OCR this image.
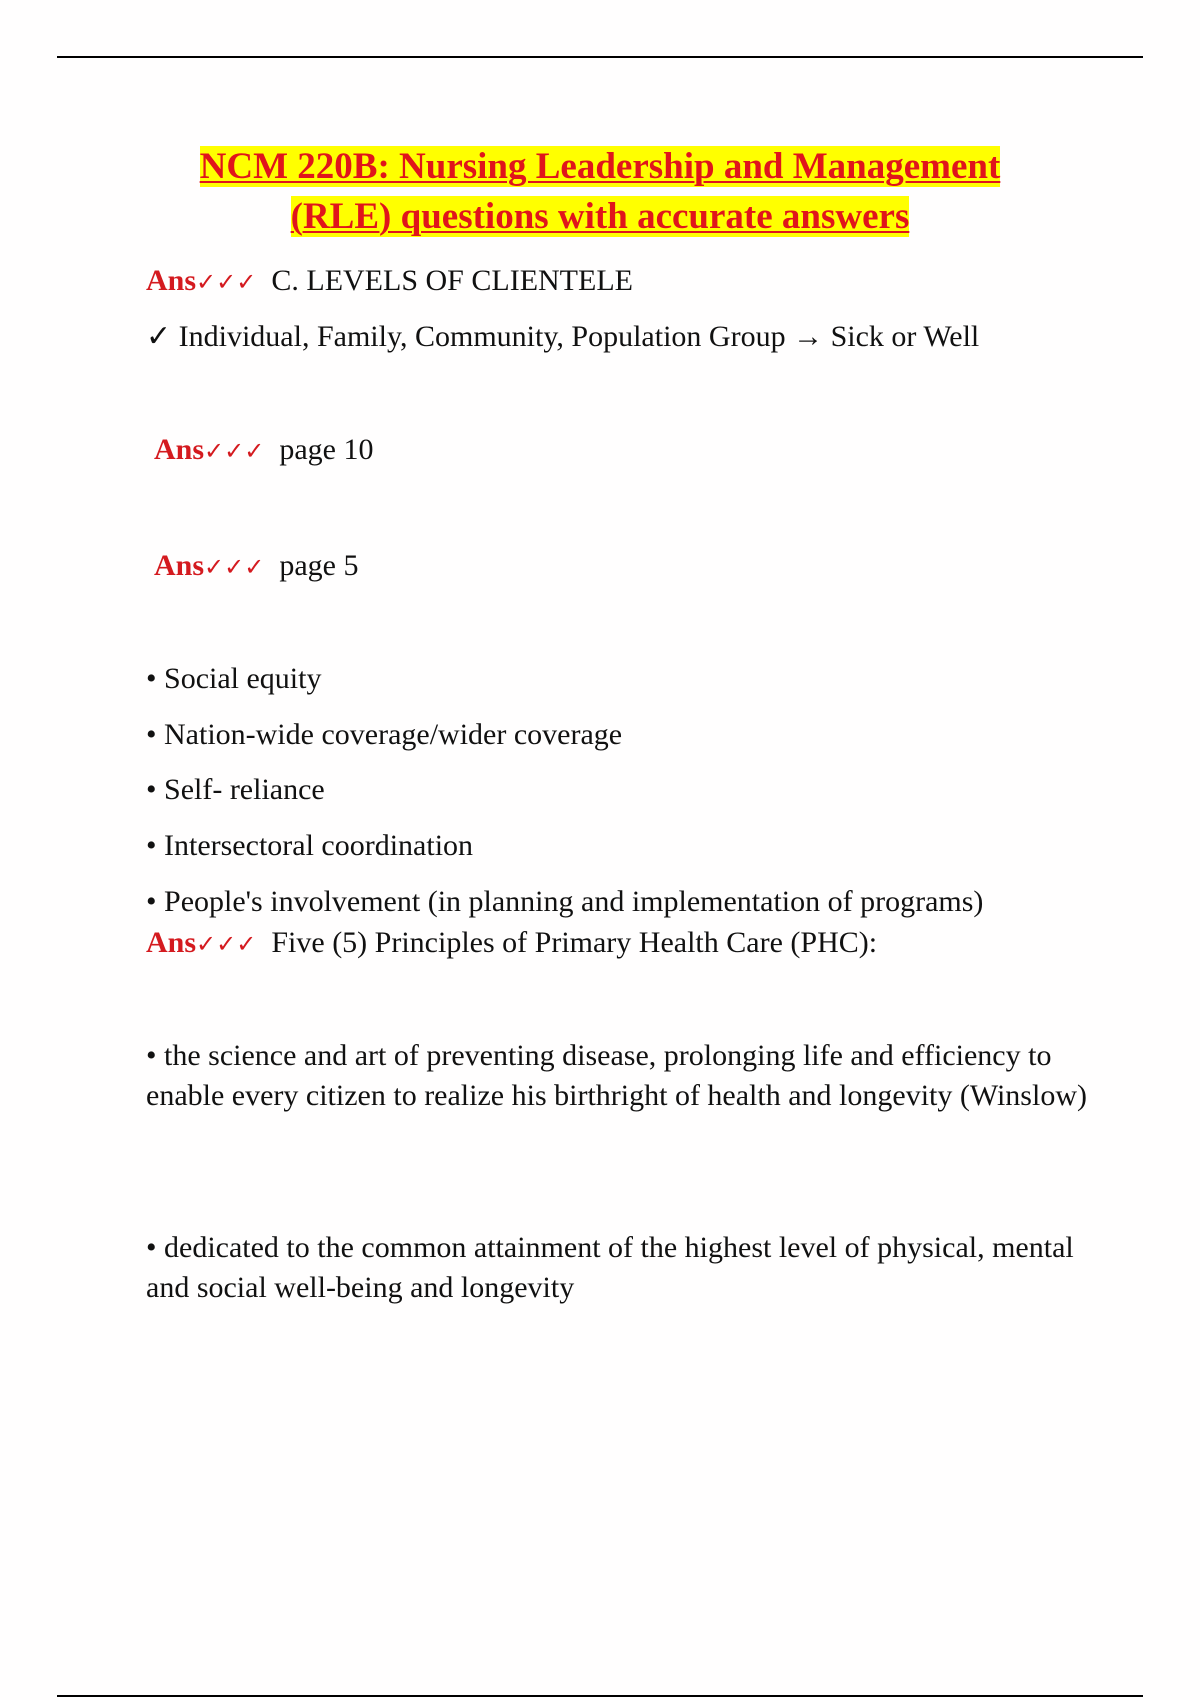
NCM 220B: Nursing Leadership and Management
(RLE) questions with accurate answers
Ans✓✓✓ C. LEVELS OF CLIENTELE
✓ Individual, Family, Community, Population Group → Sick or Well
Ans✓✓✓ page 10
Ans✓✓✓ page 5
• Social equity
• Nation-wide coverage/wider coverage
• Self- reliance
• Intersectoral coordination
• People's involvement (in planning and implementation of programs)
Ans✓✓✓ Five (5) Principles of Primary Health Care (PHC):
• the science and art of preventing disease, prolonging life and efficiency to enable every citizen to realize his birthright of health and longevity (Winslow)
• dedicated to the common attainment of the highest level of physical, mental and social well-being and longevity
